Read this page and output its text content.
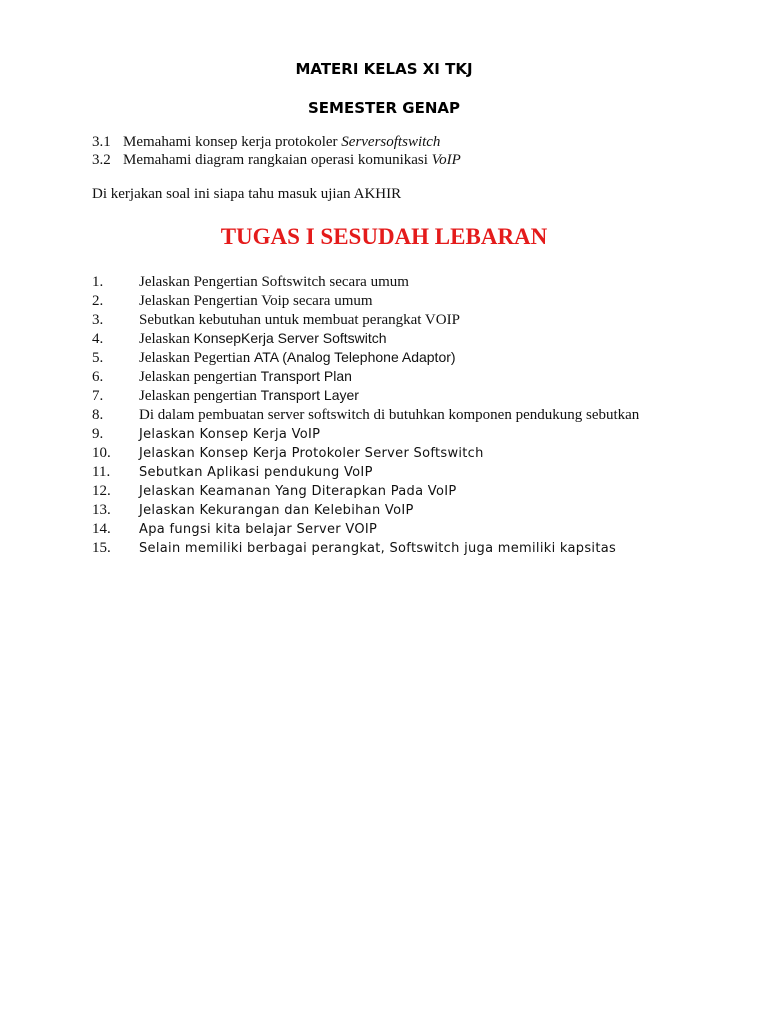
MATERI KELAS XI TKJ
SEMESTER GENAP
3.1 Memahami konsep kerja protokoler Serversoftswitch
3.2 Memahami diagram rangkaian operasi komunikasi VoIP
Di kerjakan soal ini siapa tahu masuk ujian AKHIR
TUGAS I SESUDAH LEBARAN
1. Jelaskan Pengertian Softswitch secara umum
2. Jelaskan Pengertian Voip secara umum
3. Sebutkan kebutuhan untuk membuat perangkat VOIP
4. Jelaskan KonsepKerja Server Softswitch
5. Jelaskan Pegertian ATA (Analog Telephone Adaptor)
6. Jelaskan pengertian Transport Plan
7. Jelaskan pengertian Transport Layer
8. Di dalam pembuatan server softswitch di butuhkan komponen pendukung sebutkan
9.	Jelaskan Konsep Kerja VoIP
10. Jelaskan Konsep Kerja Protokoler Server Softswitch
11. Sebutkan Aplikasi pendukung VoIP
12. Jelaskan Keamanan Yang Diterapkan Pada VoIP
13. Jelaskan Kekurangan dan Kelebihan VoIP
14. Apa fungsi kita belajar Server VOIP
15. Selain memiliki berbagai perangkat, Softswitch juga memiliki kapsitas
